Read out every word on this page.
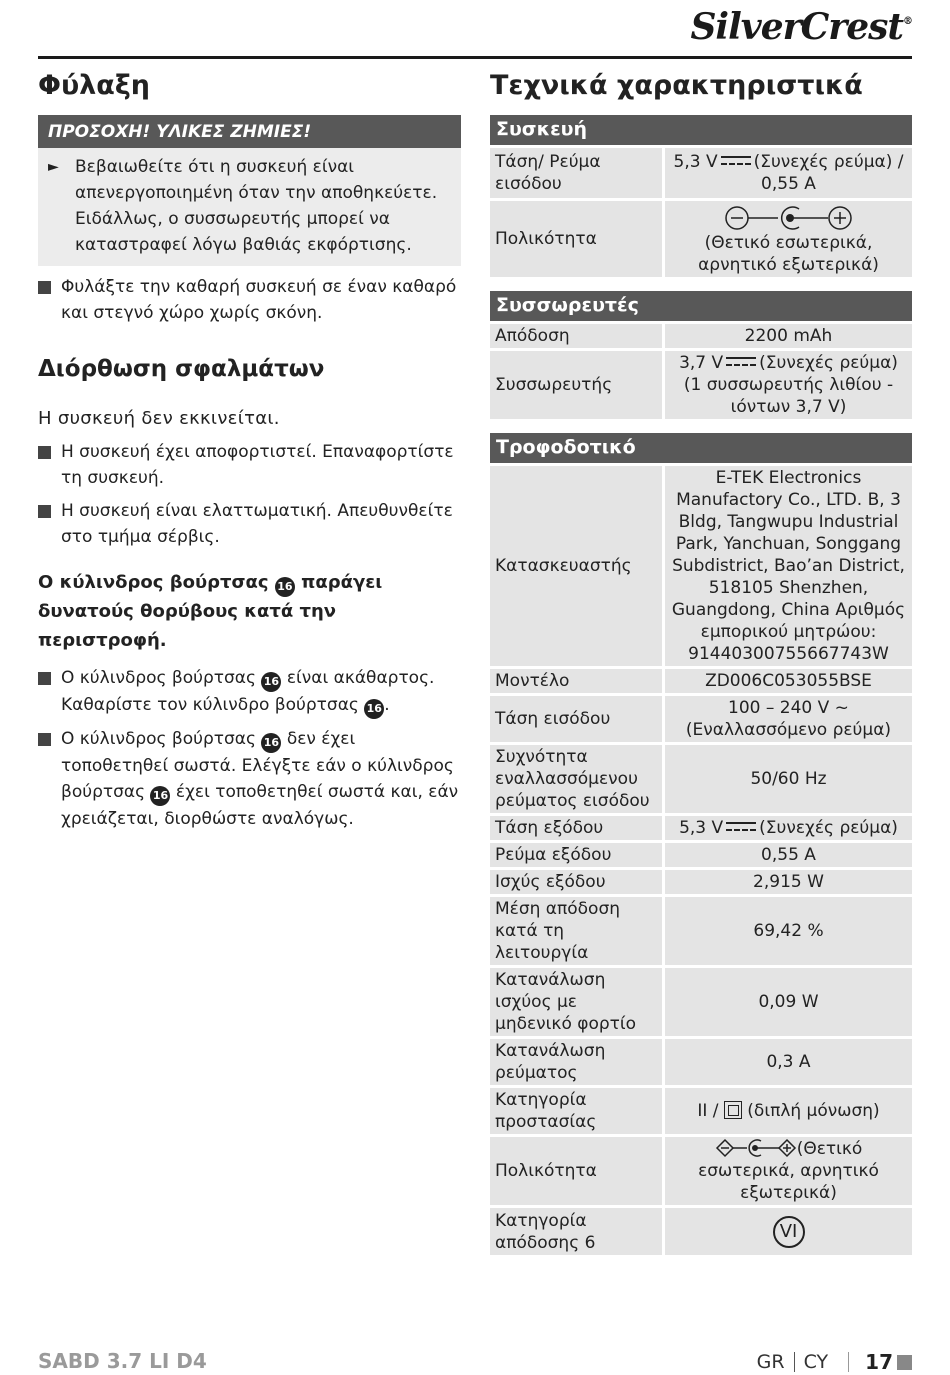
SilverCrest®
Φύλαξη
ΠΡΟΣΟΧΗ! ΥΛΙΚΕΣ ΖΗΜΙΕΣ!
► Βεβαιωθείτε ότι η συσκευή είναι απενεργοποιημένη όταν την αποθηκεύετε. Ειδάλλως, ο συσσωρευτής μπορεί να καταστραφεί λόγω βαθιάς εκφόρτισης.
Φυλάξτε την καθαρή συσκευή σε έναν καθαρό και στεγνό χώρο χωρίς σκόνη.
Διόρθωση σφαλμάτων
Η συσκευή δεν εκκινείται.
Η συσκευή έχει αποφορτιστεί. Επαναφορτίστε τη συσκευή.
Η συσκευή είναι ελαττωματική. Απευθυνθείτε στο τμήμα σέρβις.
Ο κύλινδρος βούρτσας 16 παράγει δυνατούς θορύβους κατά την περιστροφή.
Ο κύλινδρος βούρτσας 16 είναι ακάθαρτος. Καθαρίστε τον κύλινδρο βούρτσας 16 .
Ο κύλινδρος βούρτσας 16 δεν έχει τοποθετηθεί σωστά. Ελέγξτε εάν ο κύλινδρος βούρτσας 16 έχει τοποθετηθεί σωστά και, εάν χρειάζεται, διορθώστε αναλόγως.
Τεχνικά χαρακτηριστικά
Συσκευή
Τάση/ Ρεύμα εισόδου	5,3 V (Συνεχές ρεύμα) / 0,55 A
Πολικότητα	(Θετικό εσωτερικά, αρνητικό εξωτερικά)
Συσσωρευτές
Απόδοση	2200 mAh
Συσσωρευτής	3,7 V (Συνεχές ρεύμα) (1 συσσωρευτής λιθίου - ιόντων 3,7 V)
Τροφοδοτικό
Κατασκευαστής	E-TEK Electronics Manufactory Co., LTD. B, 3 Bldg, Tangwupu Industrial Park, Yanchuan, Songgang Subdistrict, Bao’an District, 518105 Shenzhen, Guangdong, China Αριθμός εμπορικού μητρώου: 91440300755667743W
Μοντέλο	ZD006C053055BSE
Τάση εισόδου	100 – 240 V ~ (Εναλλασσόμενο ρεύμα)
Συχνότητα εναλλασσόμενου ρεύματος εισόδου	50/60 Hz
Τάση εξόδου	5,3 V (Συνεχές ρεύμα)
Ρεύμα εξόδου	0,55 A
Ισχύς εξόδου	2,915 W
Μέση απόδοση κατά τη λειτουργία	69,42 %
Κατανάλωση ισχύος με μηδενικό φορτίο	0,09 W
Κατανάλωση ρεύματος	0,3 A
Κατηγορία προστασίας	II / (διπλή μόνωση)
Πολικότητα	(Θετικό εσωτερικά, αρνητικό εξωτερικά)
Κατηγορία απόδοσης 6	VI
SABD 3.7 LI D4	GR CY 17
